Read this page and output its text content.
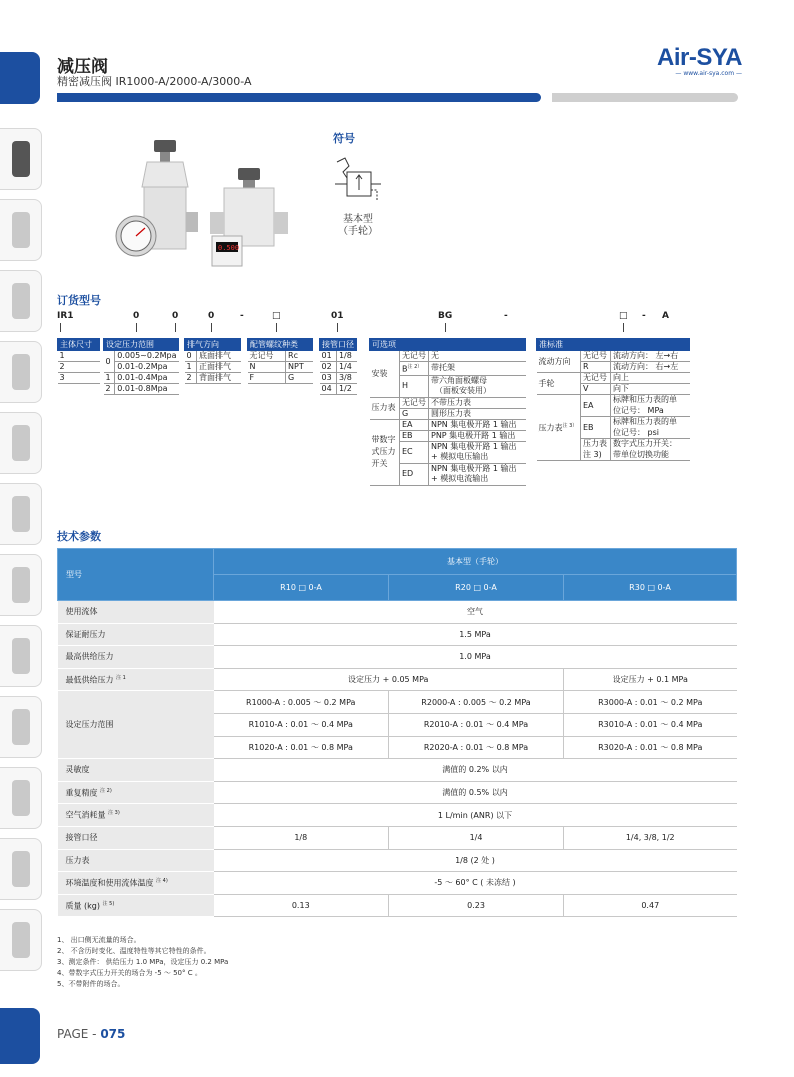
减压阀
精密减压阀 IR1000-A/2000-A/3000-A
Air-SYA
— www.air-sya.com —
0.500
符号
基本型
（手轮）
订货型号
IR1	0	0	0	-	□	01	BG	-	□ - A
主体尺寸
1
2
3
设定压力范围	
0	0.005~0.2Mpa
	0.01-0.2Mpa
1	0.01-0.4Mpa
2	0.01-0.8Mpa
排气方向	
0	底面排气
1	正面排气
2	背面排气
配管螺纹种类	
无记号	Rc
N	NPT
F	G
接管口径	
01	1/8
02	1/4
03	3/8
04	1/2
可选项		
安装	无记号	无
	$B^{注 2)}$	带托架
	H	带六角面板螺母
		（面板安装用）
压力表	无记号	不带压力表
	G	圆形压力表

带数字
式压力
开关	EA	NPN 集电极开路 1 输出
	EB	PNP 集电极开路 1 输出
	EC	NPN 集电极开路 1 输出
		+ 模拟电压输出
	ED	NPN 集电极开路 1 输出
		+ 模拟电流输出
准标准		
流动方向	无记号	流动方向： 左→右
	R	流动方向： 右→左
手轮	无记号	向上
	V	向下
压力表$^{注 3)}$	EA	标牌和压力表的单
		位记号： MPa
	EB	标牌和压力表的单
		位记号： psi
	压力表	数字式压力开关：
	注 3)	带单位切换功能
技术参数
型号	基本型（手轮）		
	R10 □ 0-A	R20 □ 0-A	R30 □ 0-A
使用流体	空气		
保证耐压力	1.5 MPa		
最高供给压力	1.0 MPa		
最低供给压力 $^{注 1}$	设定压力 + 0.05 MPa		设定压力 + 0.1 MPa
设定压力范围	R1000-A : 0.005 ～ 0.2 MPa	R2000-A : 0.005 ～ 0.2 MPa	R3000-A : 0.01 ～ 0.2 MPa
	R1010-A : 0.01 ～ 0.4 MPa	R2010-A : 0.01 ～ 0.4 MPa	R3010-A : 0.01 ～ 0.4 MPa
	R1020-A : 0.01 ～ 0.8 MPa	R2020-A : 0.01 ～ 0.8 MPa	R3020-A : 0.01 ～ 0.8 MPa
灵敏度	满值的 0.2% 以内		
重复精度 $^{注 2)}$	满值的 0.5% 以内		
空气消耗量 $^{注 3)}$	1 L/min (ANR) 以下		
接管口径	1/8	1/4	1/4, 3/8, 1/2
压力表	1/8 (2 处 )		
环境温度和使用流体温度 $^{注 4)}$	-5 ～ 60° C ( 未冻结 )		
质量 (kg) $^{注 5)}$	0.13	0.23	0.47
1、 出口侧无流量的场合。
2、 不含历时变化、温度特性等其它特性的条件。
3、测定条件： 供给压力 1.0 MPa，设定压力 0.2 MPa
4、带数字式压力开关的场合为 -5 ～ 50° C 。
5、不带附件的场合。
PAGE - 075
